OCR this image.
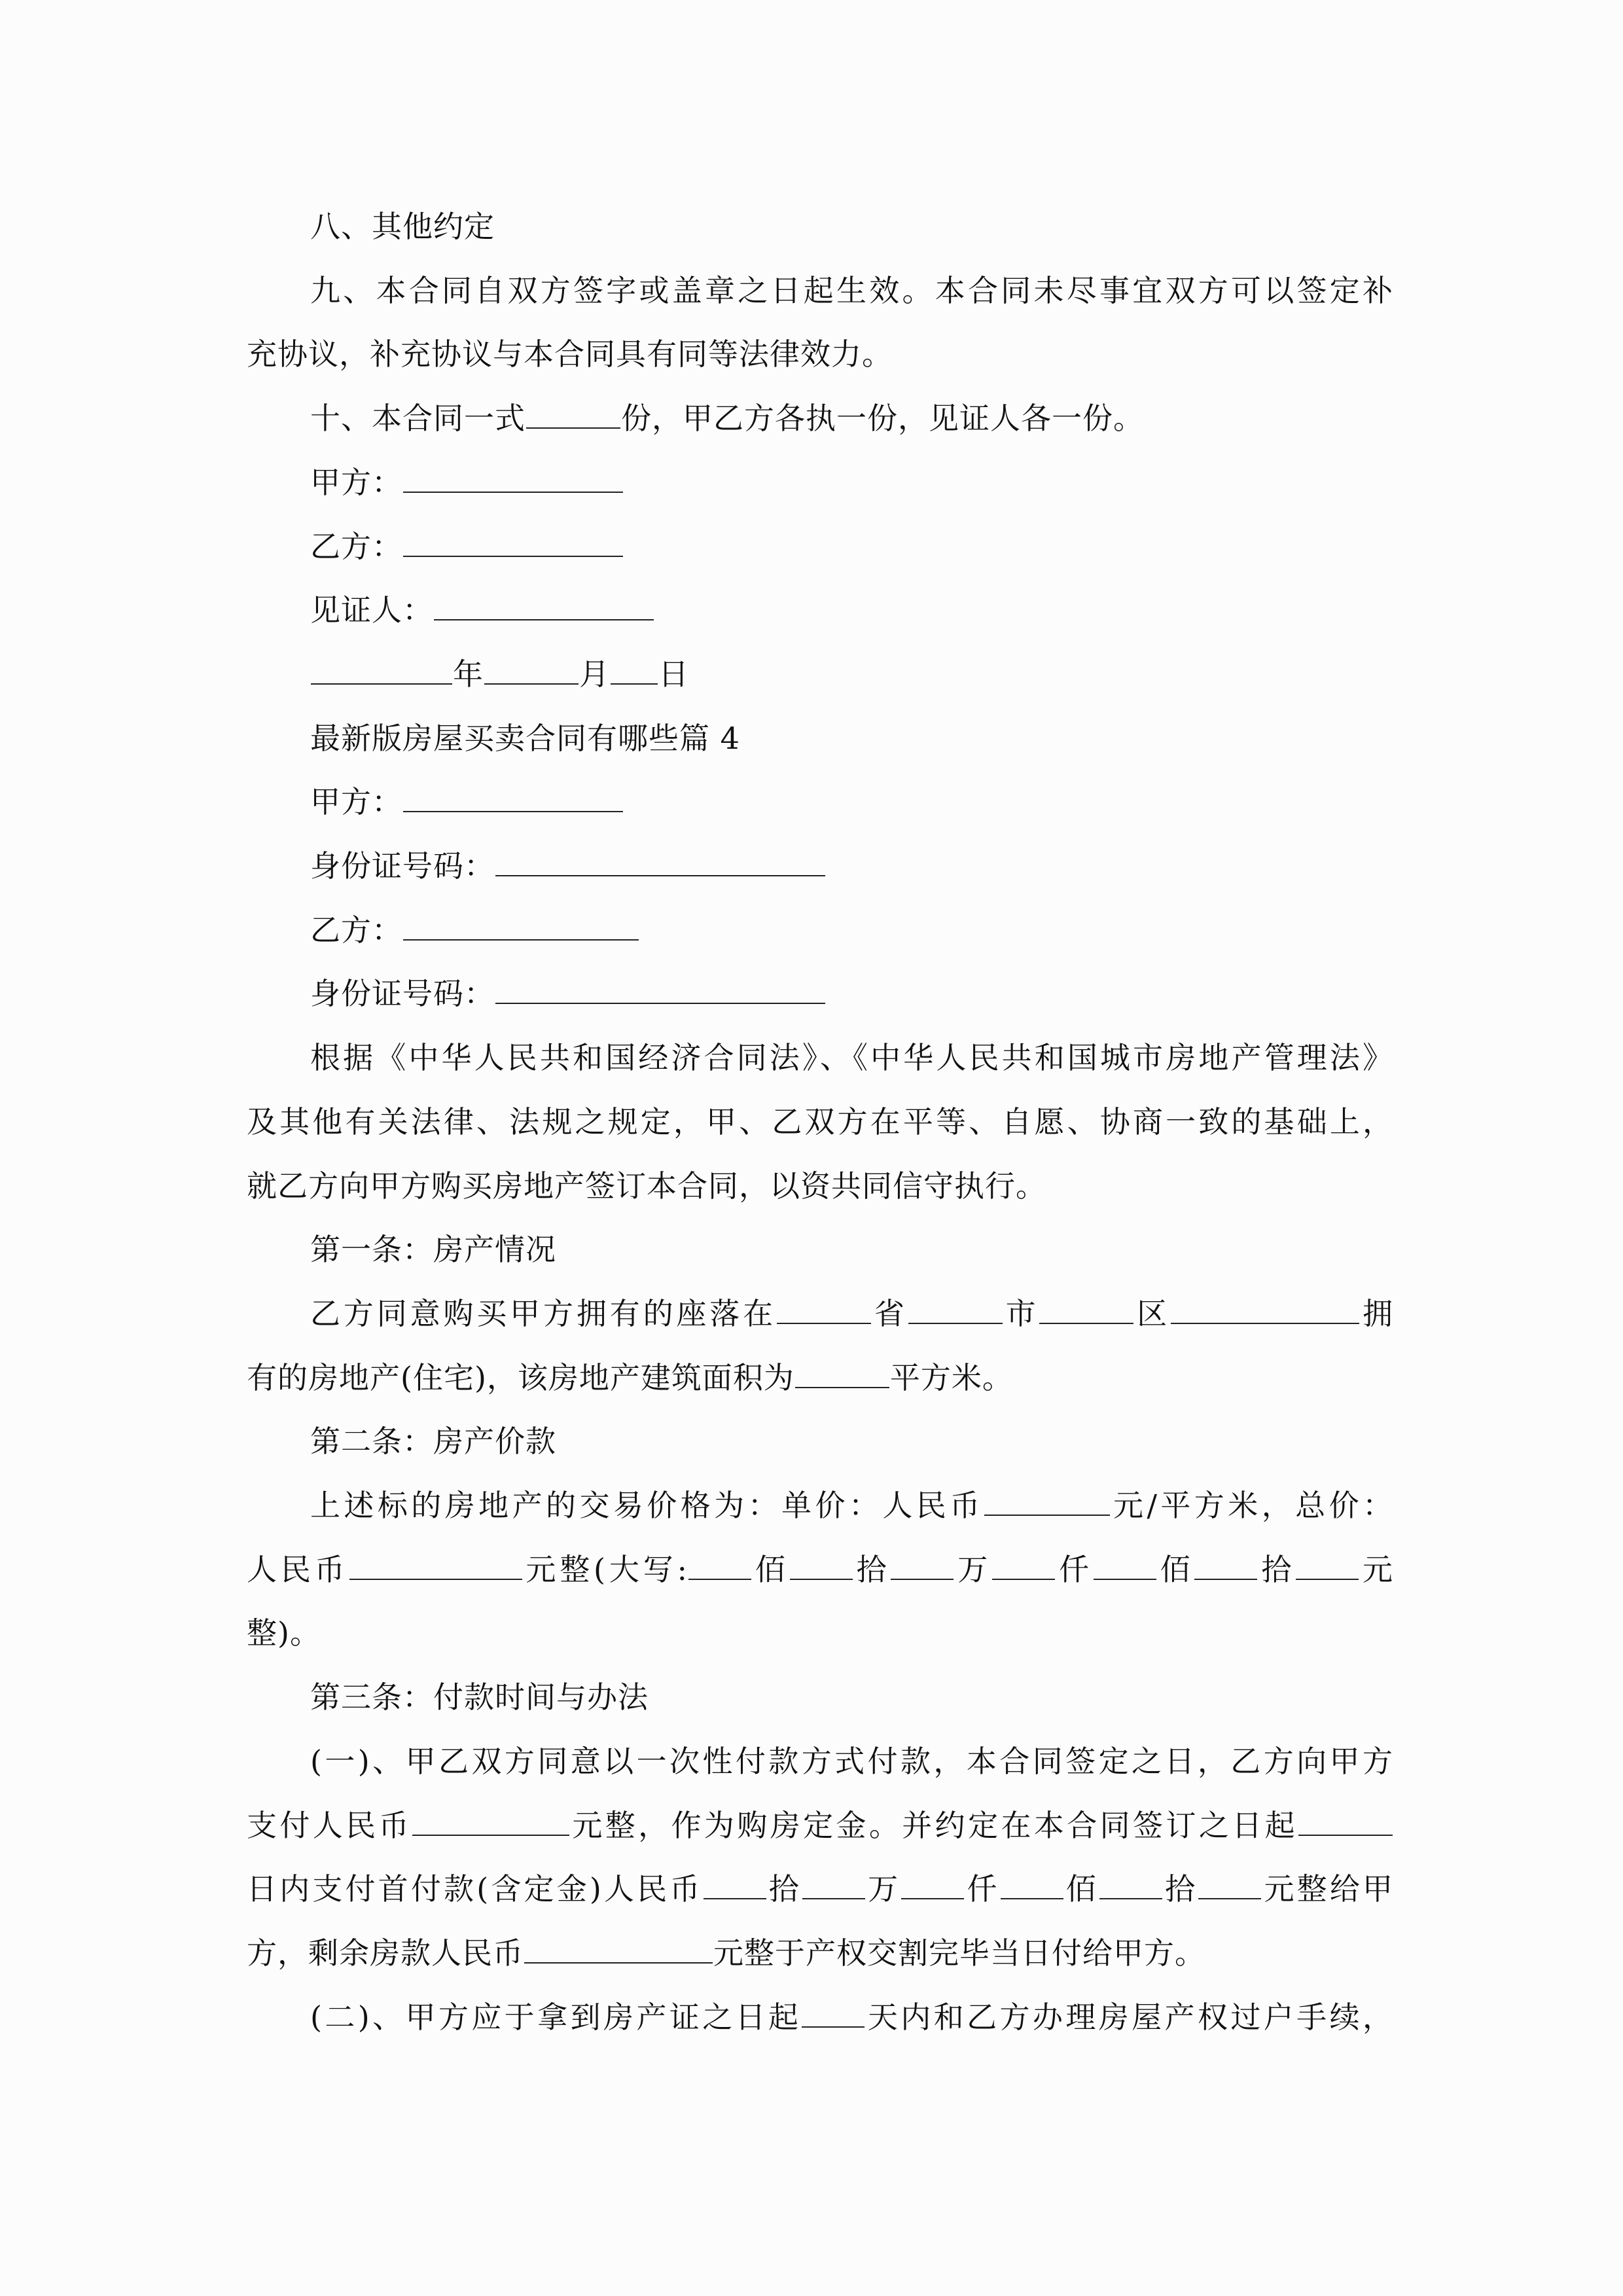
八、其他约定
九、本合同自双方签字或盖章之日起生效。本合同未尽事宜双方可以签定补
充协议，补充协议与本合同具有同等法律效力。
十、本合同一式	份，甲乙方各执一份，见证人各一份。
甲方：
乙方：
见证人：
年	月 日
最新版房屋买卖合同有哪些篇 4
甲方：
身份证号码：
乙方：
身份证号码：
根据《中华人民共和国经济合同法》、《中华人民共和国城市房地产管理法》
及其他有关法律、法规之规定，甲、乙双方在平等、自愿、协商一致的基础上，
就乙方向甲方购买房地产签订本合同，以资共同信守执行。
第一条：房产情况
乙方同意购买甲方拥有的座落在	省	市	区	拥
有的房地产(住宅)，该房地产建筑面积为	平方米。
第二条：房产价款
上述标的房地产的交易价格为：单价：人民币	元/平方米，总价：
人民币	元整(大写: 佰 拾 万 仟 佰 拾 元
整)。
第三条：付款时间与办法
(一)、甲乙双方同意以一次性付款方式付款，本合同签定之日，乙方向甲方
支付人民币	元整，作为购房定金。并约定在本合同签订之日起
日内支付首付款(含定金)人民币 拾 万 仟 佰 拾 元整给甲
方，剩余房款人民币	元整于产权交割完毕当日付给甲方。
(二)、甲方应于拿到房产证之日起 天内和乙方办理房屋产权过户手续，
